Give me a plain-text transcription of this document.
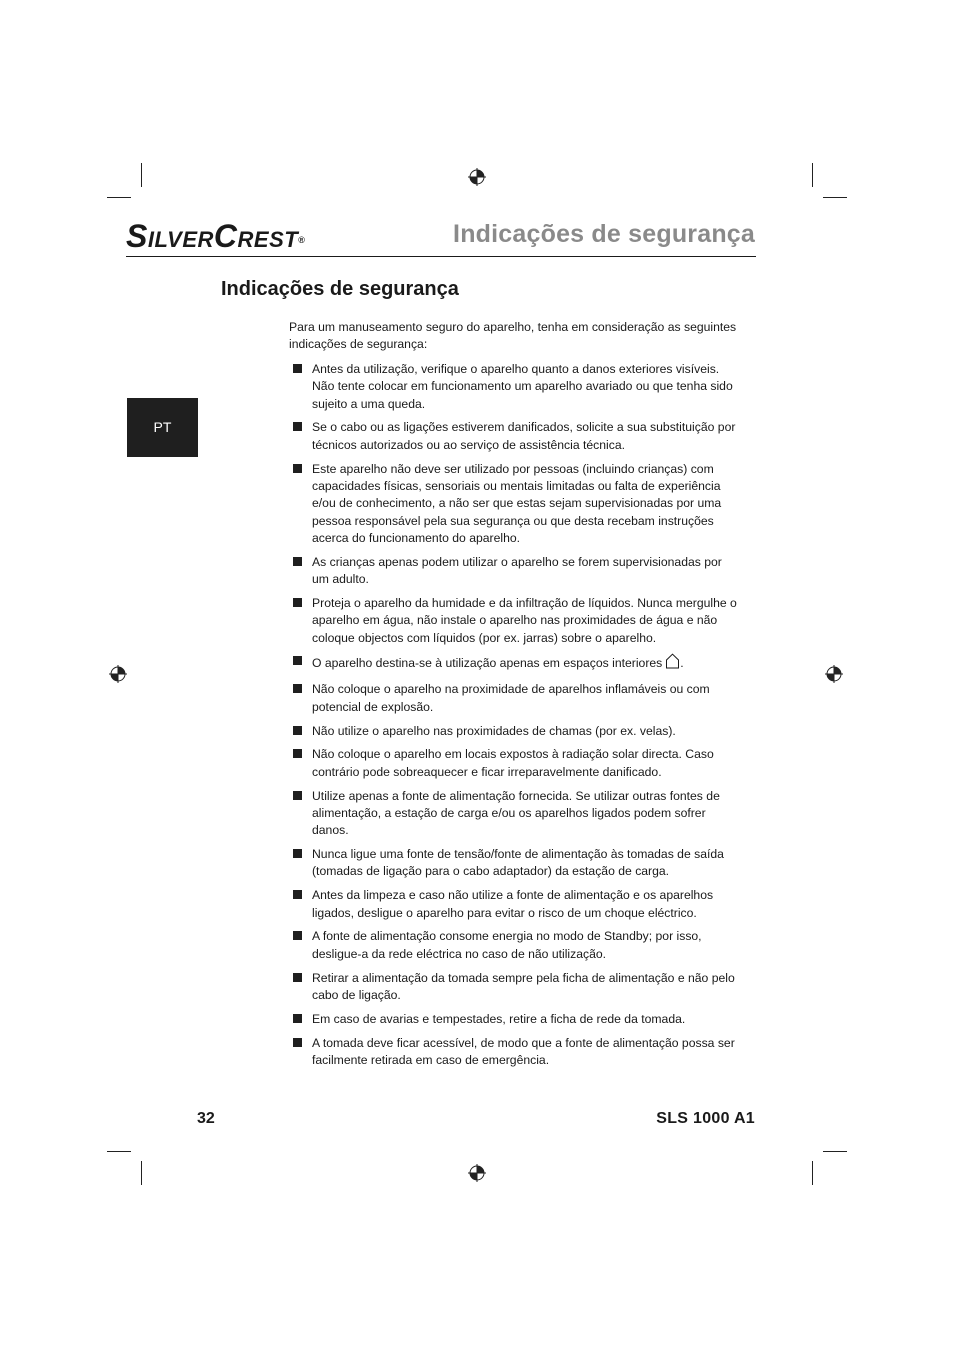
SILVERCREST®	Indicações de segurança
PT
Indicações de segurança
Para um manuseamento seguro do aparelho, tenha em consideração as seguintes indicações de segurança:
Antes da utilização, verifique o aparelho quanto a danos exteriores visíveis. Não tente colocar em funcionamento um aparelho avariado ou que tenha sido sujeito a uma queda.
Se o cabo ou as ligações estiverem danificados, solicite a sua substituição por técnicos autorizados ou ao serviço de assistência técnica.
Este aparelho não deve ser utilizado por pessoas (incluindo crianças) com capacidades físicas, sensoriais ou mentais limitadas ou falta de experiência e/ou de conhecimento, a não ser que estas sejam supervisionadas por uma pessoa responsável pela sua segurança ou que desta recebam instruções acerca do funcionamento do aparelho.
As crianças apenas podem utilizar o aparelho se forem supervisionadas por um adulto.
Proteja o aparelho da humidade e da infiltração de líquidos. Nunca mergulhe o aparelho em água, não instale o aparelho nas proximidades de água e não coloque objectos com líquidos (por ex. jarras) sobre o aparelho.
O aparelho destina-se à utilização apenas em espaços interiores .
Não coloque o aparelho na proximidade de aparelhos inflamáveis ou com potencial de explosão.
Não utilize o aparelho nas proximidades de chamas (por ex. velas).
Não coloque o aparelho em locais expostos à radiação solar directa. Caso contrário pode sobreaquecer e ficar irreparavelmente danificado.
Utilize apenas a fonte de alimentação fornecida. Se utilizar outras fontes de alimentação, a estação de carga e/ou os aparelhos ligados podem sofrer danos.
Nunca ligue uma fonte de tensão/fonte de alimentação às tomadas de saída (tomadas de ligação para o cabo adaptador) da estação de carga.
Antes da limpeza e caso não utilize a fonte de alimentação e os aparelhos ligados, desligue o aparelho para evitar o risco de um choque eléctrico.
A fonte de alimentação consome energia no modo de Standby; por isso, desligue-a da rede eléctrica no caso de não utilização.
Retirar a alimentação da tomada sempre pela ficha de alimentação e não pelo cabo de ligação.
Em caso de avarias e tempestades, retire a ficha de rede da tomada.
A tomada deve ficar acessível, de modo que a fonte de alimentação possa ser facilmente retirada em caso de emergência.
32	SLS 1000 A1
